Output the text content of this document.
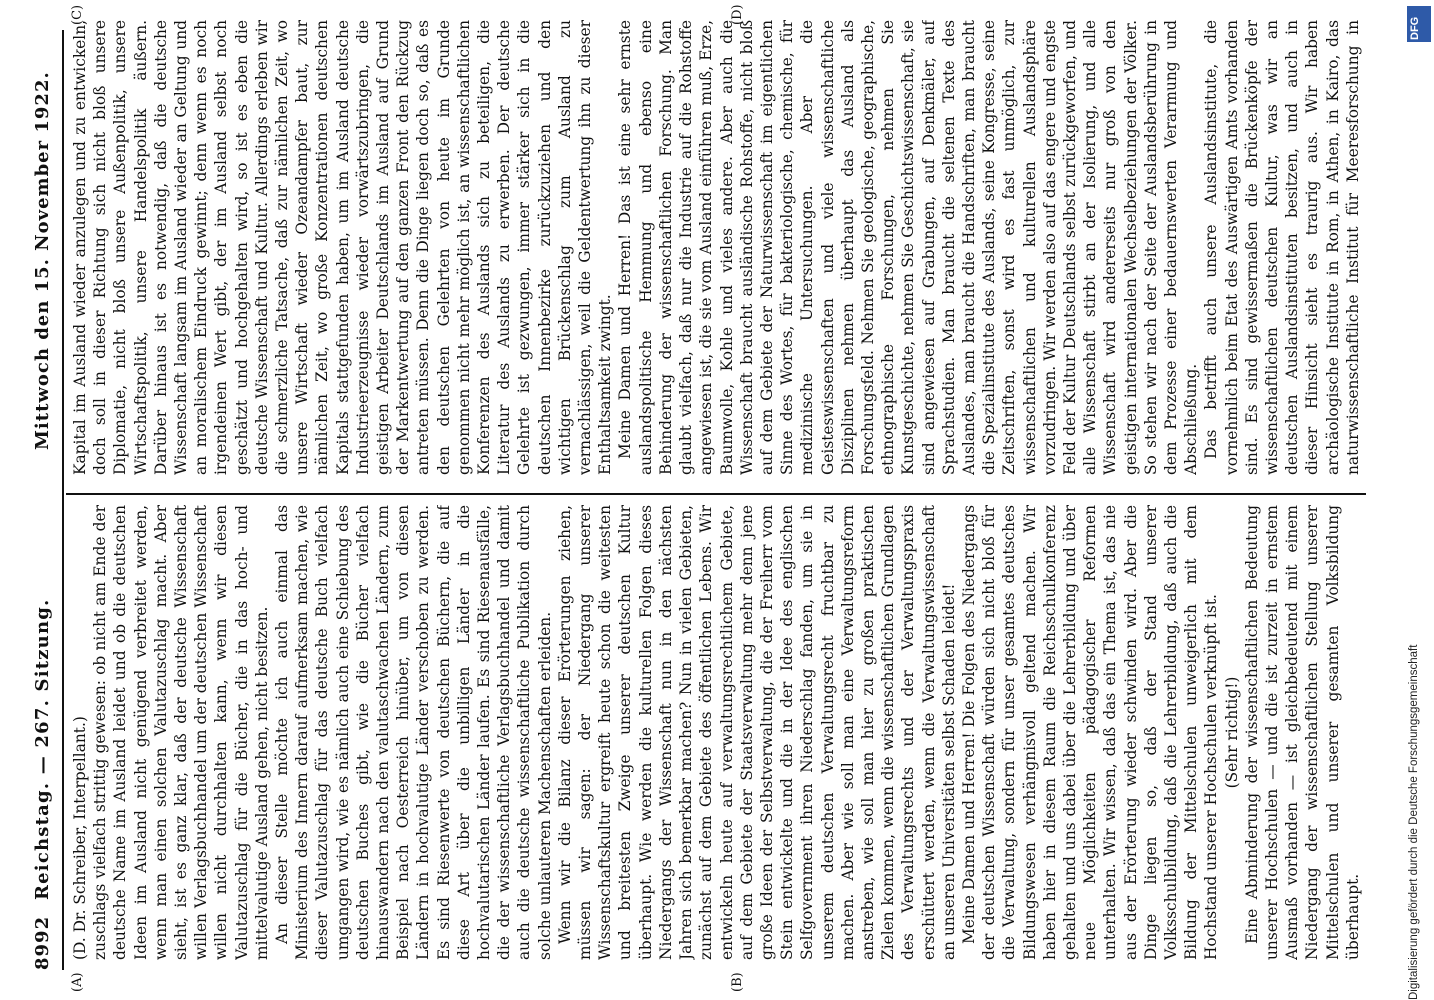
8992
Reichstag. — 267. Sitzung.
Mittwoch den 15. November 1922.
(A)	(B)
(C)	(D)

(D. Dr. Schreiber, Interpellant.) zuschlags vielfach strittig gewesen: ob nicht am Ende der deutsche Name im Ausland leidet und ob die deutschen Ideen im Ausland nicht genügend verbreitet werden, wenn man einen solchen Valutazuschlag macht. Aber sieht, ist es ganz klar, daß der deutsche Wissenschaft willen Verlagsbuchhandel um der deutschen Wissenschaft willen nicht durchhalten kann, wenn wir diesen Valutazuschlag für die Bücher, die in das hoch- und mittelvalutige Ausland gehen, nicht besitzen. An dieser Stelle möchte ich auch einmal das Ministerium des Innern darauf aufmerksam machen, wie dieser Valutazuschlag für das deutsche Buch vielfach umgangen wird, wie es nämlich auch eine Schiebung des deutschen Buches gibt, wie die Bücher vielfach hinauswandern nach den valutaschwachen Ländern, zum Beispiel nach Oesterreich hinüber, um von diesen Ländern in hochvalutige Länder verschoben zu werden. Es sind Riesenwerte von deutschen Büchern, die auf diese Art über die unbilligen Länder in die hochvalutarischen Länder laufen. Es sind Riesenausfälle, die der wissenschaftliche Verlagsbuchhandel und damit auch die deutsche wissenschaftliche Publikation durch solche unlauteren Machenschaften erleiden. Wenn wir die Bilanz dieser Erörterungen ziehen, müssen wir sagen: der Niedergang unserer Wissenschaftskultur ergreift heute schon die weitesten und breitesten Zweige unserer deutschen Kultur überhaupt. Wie werden die kulturellen Folgen dieses Niedergangs der Wissenschaft nun in den nächsten Jahren sich bemerkbar machen? Nun in vielen Gebieten, zunächst auf dem Gebiete des öffentlichen Lebens. Wir entwickeln heute auf verwaltungsrechtlichem Gebiete, auf dem Gebiete der Staatsverwaltung mehr denn jene große Ideen der Selbstverwaltung, die der Freiherr vom Stein entwickelte und die in der Idee des englischen Selfgovernment ihren Niederschlag fanden, um sie in unserem deutschen Verwaltungsrecht fruchtbar zu machen. Aber wie soll man eine Verwaltungsreform anstreben, wie soll man hier zu großen praktischen Zielen kommen, wenn die wissenschaftlichen Grundlagen des Verwaltungsrechts und der Verwaltungspraxis erschüttert werden, wenn die Verwaltungswissenschaft an unseren Universitäten selbst Schaden leidet! Meine Damen und Herren! Die Folgen des Niedergangs der deutschen Wissenschaft würden sich nicht bloß für die Verwaltung, sondern für unser gesamtes deutsches Bildungswesen verhängnisvoll geltend machen. Wir haben hier in diesem Raum die Reichsschulkonferenz gehalten und uns dabei über die Lehrerbildung und über neue Möglichkeiten pädagogischer Reformen unterhalten. Wir wissen, daß das ein Thema ist, das nie aus der Erörterung wieder schwinden wird. Aber die Dinge liegen so, daß der Stand unserer Volksschulbildung, daß die Lehrerbildung, daß auch die Bildung der Mittelschulen unweigerlich mit dem Hochstand unserer Hochschulen verknüpft ist. (Sehr richtig!) Eine Abminderung der wissenschaftlichen Bedeutung unserer Hochschulen — und die ist zurzeit in ernstem Ausmaß vorhanden — ist gleichbedeutend mit einem Niedergang der wissenschaftlichen Stellung unserer Mittelschulen und unserer gesamten Volksbildung überhaupt.

Kapital im Ausland wieder anzulegen und zu entwickeln, doch soll in dieser Richtung sich nicht bloß unsere Diplomatie, nicht bloß unsere Außenpolitik, unsere Wirtschaftspolitik, unsere Handelspolitik äußern. Darüber hinaus ist es notwendig, daß die deutsche Wissenschaft langsam im Ausland wieder an Geltung und an moralischem Eindruck gewinnt; denn wenn es noch irgendeinen Wert gibt, der im Ausland selbst noch geschätzt und hochgehalten wird, so ist es eben die deutsche Wissenschaft und Kultur. Allerdings erleben wir die schmerzliche Tatsache, daß zur nämlichen Zeit, wo unsere Wirtschaft wieder Ozeandampfer baut, zur nämlichen Zeit, wo große Konzentrationen deutschen Kapitals stattgefunden haben, um im Ausland deutsche Industrieerzeugnisse wieder vorwärtszubringen, die geistigen Arbeiter Deutschlands im Ausland auf Grund der Markentwertung auf den ganzen Front den Rückzug antreten müssen. Denn die Dinge liegen doch so, daß es den deutschen Gelehrten von heute im Grunde genommen nicht mehr möglich ist, an wissenschaftlichen Konferenzen des Auslands sich zu beteiligen, die Literatur des Auslands zu erwerben. Der deutsche Gelehrte ist gezwungen, immer stärker sich in die deutschen Innenbezirke zurückzuziehen und den wichtigen Brückenschlag zum Ausland zu vernachlässigen, weil die Geldentwertung ihn zu dieser Enthaltsamkeit zwingt. Meine Damen und Herren! Das ist eine sehr ernste auslandspolitische Hemmung und ebenso eine Behinderung der wissenschaftlichen Forschung. Man glaubt vielfach, daß nur die Industrie auf die Rohstoffe angewiesen ist, die sie vom Ausland einführen muß, Erze, Baumwolle, Kohle und vieles andere. Aber auch die Wissenschaft braucht ausländische Rohstoffe, nicht bloß auf dem Gebiete der Naturwissenschaft im eigentlichen Sinne des Wortes, für bakteriologische, chemische, für medizinische Untersuchungen. Aber die Geisteswissenschaften und viele wissenschaftliche Disziplinen nehmen überhaupt das Ausland als Forschungsfeld. Nehmen Sie geologische, geographische, ethnographische Forschungen, nehmen Sie Kunstgeschichte, nehmen Sie Geschichtswissenschaft, sie sind angewiesen auf Grabungen, auf Denkmäler, auf Sprachstudien. Man braucht die seltenen Texte des Auslandes, man braucht die Handschriften, man braucht die Spezialinstitute des Auslands, seine Kongresse, seine Zeitschriften, sonst wird es fast unmöglich, zur wissenschaftlichen und kulturellen Auslandsphäre vorzudringen. Wir werden also auf das engere und engste Feld der Kultur Deutschlands selbst zurückgeworfen, und alle Wissenschaft stirbt an der Isolierung, und alle Wissenschaft wird andererseits nur groß von den geistigen internationalen Wechselbeziehungen der Völker. So stehen wir nach der Seite der Auslandsberührung in dem Prozesse einer bedauernswerten Verarmung und Abschließung. Das betrifft auch unsere Auslandsinstitute, die vornehmlich beim Etat des Auswärtigen Amts vorhanden sind. Es sind gewissermaßen die Brückenköpfe der wissenschaftlichen deutschen Kultur, was wir an deutschen Auslandsinstituten besitzen, und auch in dieser Hinsicht sieht es traurig aus. Wir haben archäologische Institute in Rom, in Athen, in Kairo, das naturwissenschaftliche Institut für Meeresforschung in	DFG
Digitalisierung gefördert durch die Deutsche Forschungsgemeinschaft
